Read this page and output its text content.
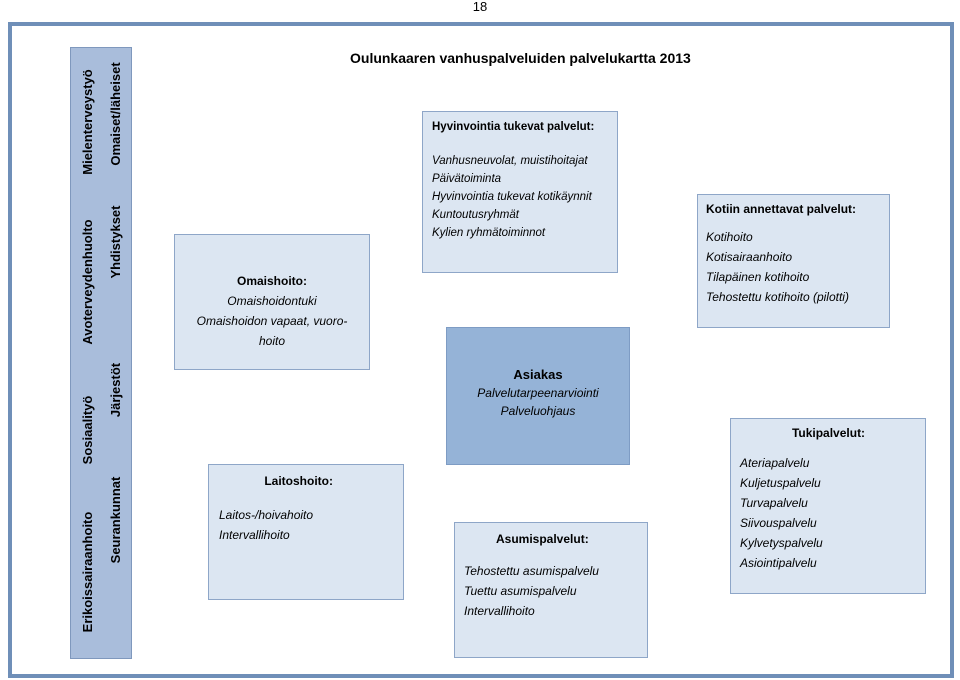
18
Oulunkaaren vanhuspalveluiden palvelukartta 2013
Erikoissairaanhoito
Sosiaalityö
Avoterveydenhuolto
Mielenterveystyö
Seurankunnat
Järjestöt
Yhdistykset
Omaiset/läheiset
Omaishoito:
Omaishoidontuki
Omaishoidon vapaat, vuoro-
hoito
Laitoshoito:
Laitos-/hoivahoito
Intervallihoito
Hyvinvointia tukevat palvelut:
Vanhusneuvolat, muistihoitajat
Päivätoiminta
Hyvinvointia tukevat kotikäynnit
Kuntoutusryhmät
Kylien ryhmätoiminnot
Asiakas
Palvelutarpeenarviointi
Palveluohjaus
Asumispalvelut:
Tehostettu asumispalvelu
Tuettu asumispalvelu
Intervallihoito
Kotiin annettavat palvelut:
Kotihoito
Kotisairaanhoito
Tilapäinen kotihoito
Tehostettu kotihoito (pilotti)
Tukipalvelut:
Ateriapalvelu
Kuljetuspalvelu
Turvapalvelu
Siivouspalvelu
Kylvetyspalvelu
Asiointipalvelu
